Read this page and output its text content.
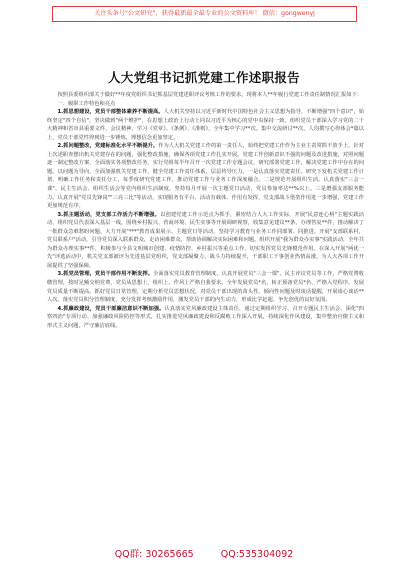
关注头条号"公文研究"，获得最新最全最专业的公文资料库！ 微信：gongwenyj
人大党组书记抓党建工作述职报告

按照县委组织部关于做好**年度党组织书记抓基层党建述职评议考核工作的要求，现将本人**年履行党建工作责任制情况汇报如下：

一、履职工作特色和亮点

1.抓思想建设，党员干部整体素养不断提高。人大机关坚持以习近平新时代中国特色社会主义思想为指导，不断增强"四个意识"，始终坚定"四个自信"，坚决做到"两个维护"，在思想上政治上行动上同以习近平为核心的党中央保持一致。组织党员干部深入学习党的二十大精神和省市县重要文件、会议精神，学习《党章》、《条例》、《准则》，全年集中学习**次。集中交流研讨**次，人均撰写心得体会*篇以上，党员干部党性得到进一步锤炼，理想信念更加坚定。

2.抓问题整改，党建标准化水平不断提升。作为人大机关党建工作的第一责任人，始终把党建工作作为主业主责常抓不放手上，针对上次述职查摆出机关党建存在的问题，强化整改措施，确保各项党建工作扎实开展。党建工作创新意识不强的问题及改进措施，对照问题逐一制定整改方案，全面落实各项整改任务。实行党组每半年召开一次党建工作专题会议，研究部署党建工作，解决党建工作中存在的问题。以问题为导向，全面加强机关党建工作，健全党建工作责任体系，层层传导压力。一是认真落实党建责任。研究下发机关党建工作计划，明确工作任务和责任分工，每季度研究党建工作，推动党建工作与业务工作深度融合。二是规范开展组织生活。认真落实"三会一课"、民主生活会、组织生活会等党内组织生活制度。坚持每月开展一次主题党日活动，党员参加率达**%以上。三是增强支部服务能力。认真开展"党员先锋岗""三亮三比"等活动，实现服务有平台、活动有载体、作用有发挥，党支部战斗堡垒作用进一步增强，党建工作更加规范有序。

3.抓主题活动，党支部工作活力不断增强。以创建党建工作示范点为抓手，紧密结合人大工作实际，开展"民意连心桥"主题实践活动，组织党员代表深入基层一线，围绕乡村振兴、营商环境、民生实事等开展调研视察，收集意见建议**条，办理答复**件，推动解决了一批群众急难愁盼问题。大力开展"***"教育成果展示、主题党日等活动，坚持学习教育与业务工作同部署、同推进。开展"支部联系村，党员联系户"活动，引导党员深入联系群众，走访困难群众，帮助协调解决实际困难和问题。组织开展"我为群众办实事"实践活动，全年共为群众办理实事**件，积极参与全县文明城市创建、疫情防控、乡村振兴等重点工作，切实发挥党员先锋模范作用。在深入开展"两优一先"评选活动中，机关党支部被评为先进基层党组织，党支部凝聚力、战斗力持续提升，干部职工干事创业热情高涨，为人大各项工作开展提供了坚强保障。

3.抓党员管理，党员干部作用不断发挥。全面落实党员教育管理制度，认真开展党员"三会一课"、民主评议党员等工作，严格党费收缴管理，按时足额交纳党费，党员从思想上、组织上、作风上严格自我要求。全年发展党员*名，转正预备党员*名，严格入党程序，发展党员质量不断提高。抓好党员日常管理，定期分析党员思想状况，对党员干部出现的苗头性、倾向性问题及时谈话提醒，开展谈心谈话**人次。落实党员积分管理制度，充分发挥考核激励作用，激发党员干部的内生动力，形成比学赶超、争先创优的良好氛围。

4.抓廉政建设，党员干部廉洁意识不断加强。认真落实党风廉政建设主体责任，通过定期组织学习、召开专题民主生活会、深化"四察四治"专项行动、加强廉政风险防控等形式，扎实推进党风廉政建设和反腐败工作深入开展，持续深化作风建设，集中整治官僚主义和形式主义问题，严守廉洁底线。

QQ群: 30265665	QQ:535304092
